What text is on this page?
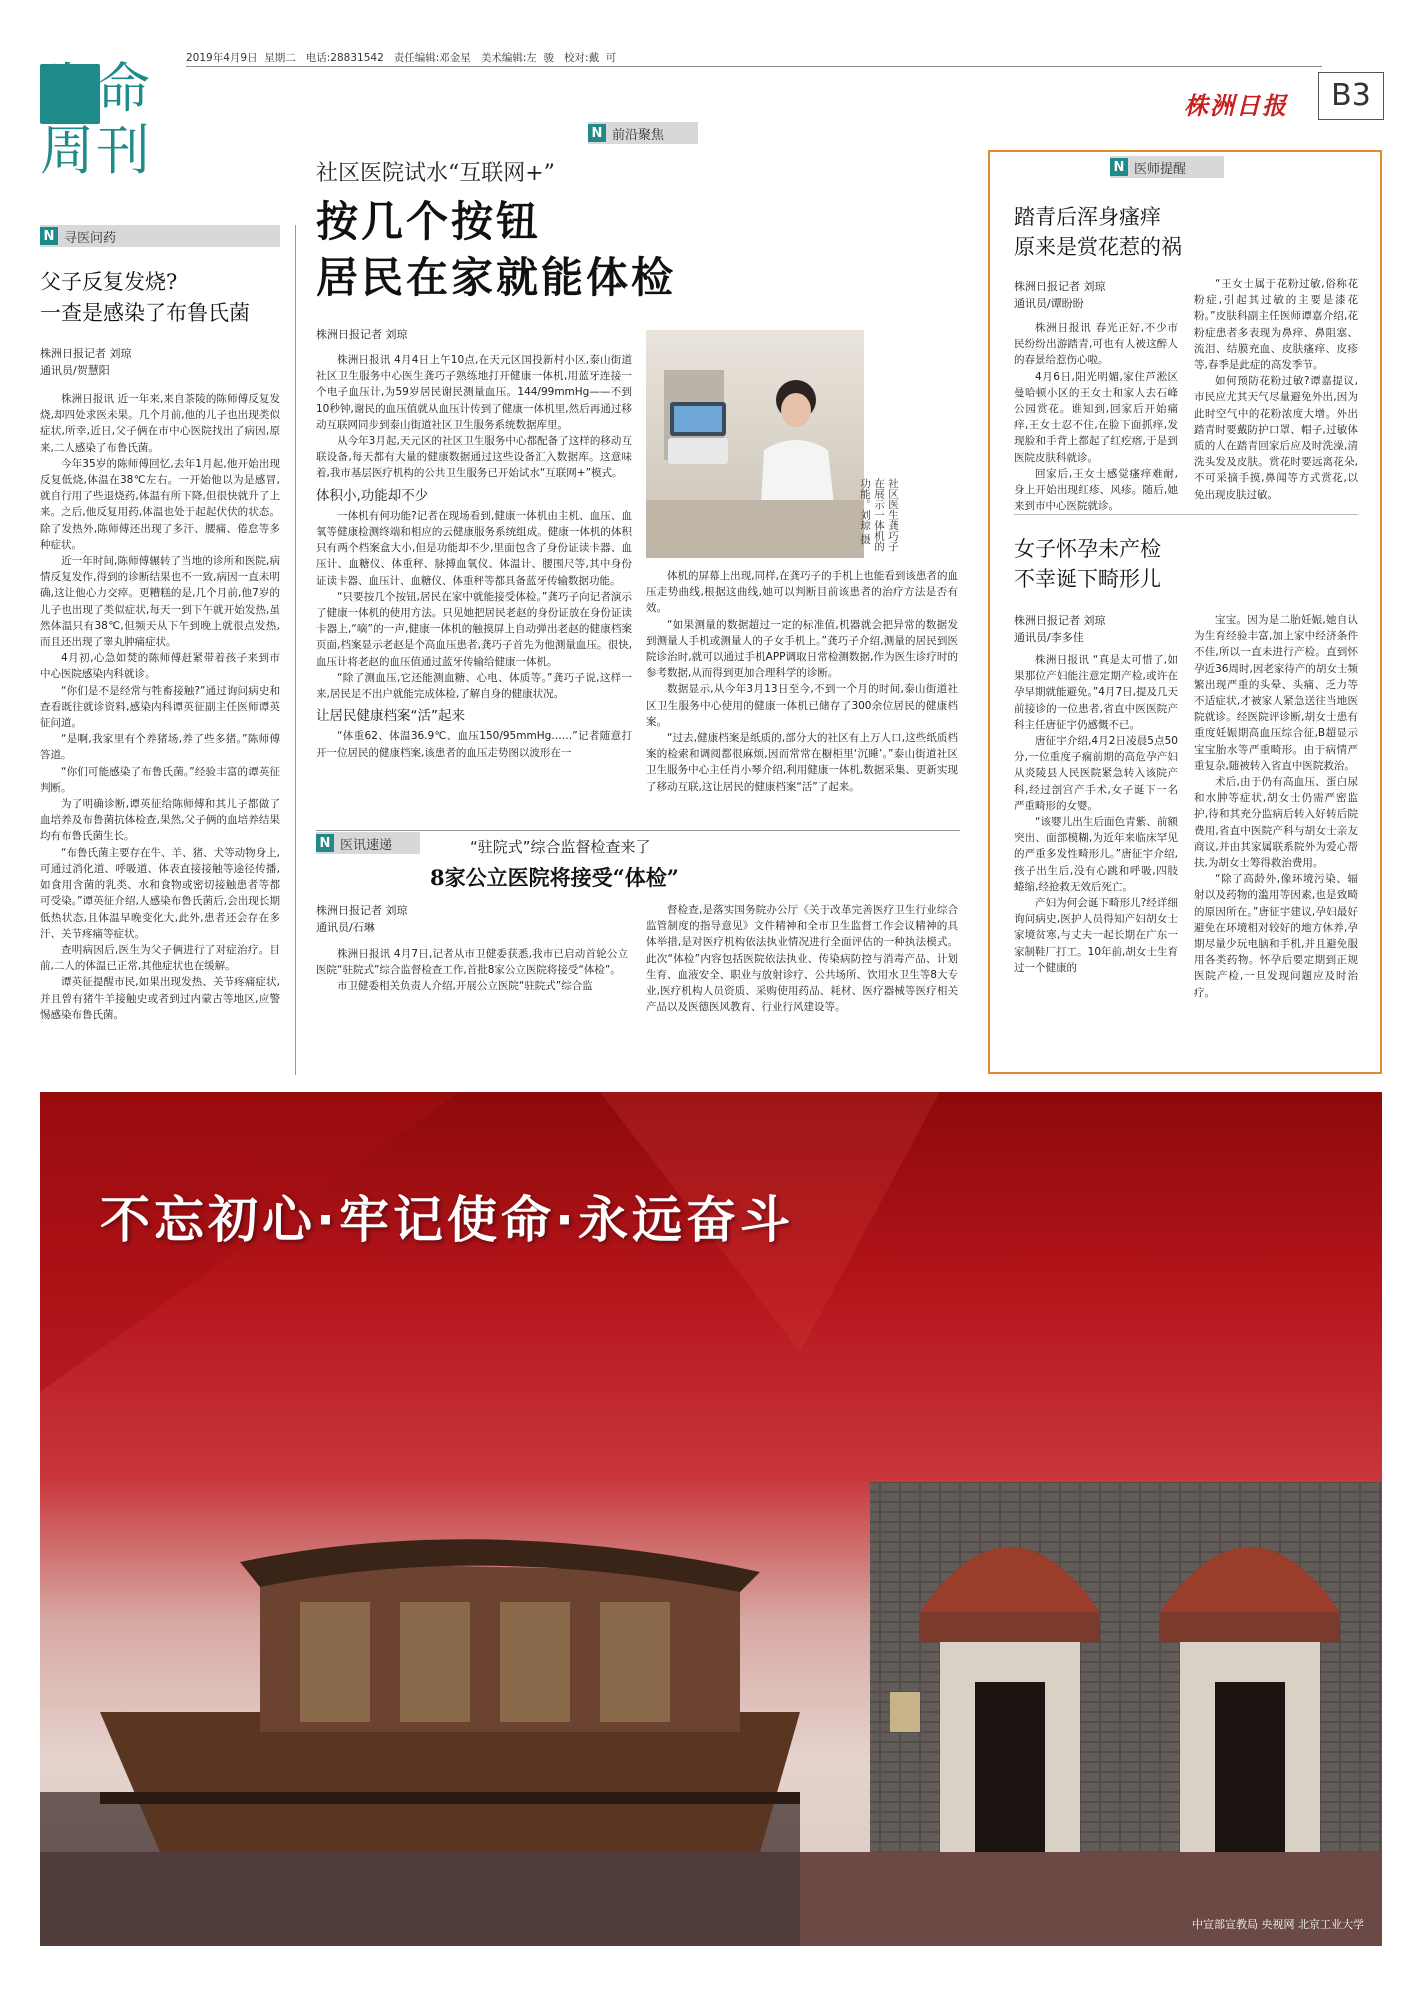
生命周刊
2019年4月9日  星期二   电话:28831542   责任编辑:邓金星   美术编辑:左  骏   校对:戴  可
株洲日报	B3
N 寻医问药
父子反复发烧?
一查是感染了布鲁氏菌
株洲日报记者 刘琼
通讯员/贺慧阳

株洲日报讯 近一年来,来自茶陵的陈师傅反复发烧,却四处求医未果。几个月前,他的儿子也出现类似症状,所幸,近日,父子俩在市中心医院找出了病因,原来,二人感染了布鲁氏菌。

今年35岁的陈师傅回忆,去年1月起,他开始出现反复低烧,体温在38℃左右。一开始他以为是感冒,就自行用了些退烧药,体温有所下降,但很快就升了上来。之后,他反复用药,体温也处于起起伏伏的状态。除了发热外,陈师傅还出现了多汗、腰痛、倦怠等多种症状。

近一年时间,陈师傅辗转了当地的诊所和医院,病情反复发作,得到的诊断结果也不一致,病因一直未明确,这让他心力交瘁。更糟糕的是,几个月前,他7岁的儿子也出现了类似症状,每天一到下午就开始发热,虽然体温只有38℃,但频天从下午到晚上就很点发热,而且还出现了睾丸肿痛症状。

4月初,心急如焚的陈师傅赶紧带着孩子来到市中心医院感染内科就诊。

“你们是不是经常与牲畜接触?”通过询问病史和查看既往就诊资料,感染内科谭英征副主任医师谭英征问道。

“是啊,我家里有个养猪场,养了些多猪。”陈师傅答道。

“你们可能感染了布鲁氏菌。”经验丰富的谭英征判断。

为了明确诊断,谭英征给陈师傅和其儿子都做了血培养及布鲁菌抗体检查,果然,父子俩的血培养结果均有布鲁氏菌生长。

“布鲁氏菌主要存在牛、羊、猪、犬等动物身上,可通过消化道、呼吸道、体表直接接触等途径传播,如食用含菌的乳类、水和食物或密切接触患者等都可受染。”谭英征介绍,人感染布鲁氏菌后,会出现长期低热状态,且体温早晚变化大,此外,患者还会存在多汗、关节疼痛等症状。

查明病因后,医生为父子俩进行了对症治疗。目前,二人的体温已正常,其他症状也在缓解。

谭英征提醒市民,如果出现发热、关节疼痛症状,并且曾有猪牛羊接触史或者到过内蒙古等地区,应警惕感染布鲁氏菌。

N 前沿聚焦
社区医院试水“互联网+”
按几个按钮
居民在家就能体检
株洲日报记者 刘琼

株洲日报讯 4月4日上午10点,在天元区国投新村小区,泰山街道社区卫生服务中心医生龚巧子熟练地打开健康一体机,用蓝牙连接一个电子血压计,为59岁居民谢民测量血压。144/99mmHg——不到10秒钟,谢民的血压值就从血压计传到了健康一体机里,然后再通过移动互联网同步到泰山街道社区卫生服务系统数据库里。

从今年3月起,天元区的社区卫生服务中心都配备了这样的移动互联设备,每天都有大量的健康数据通过这些设备汇入数据库。这意味着,我市基层医疗机构的公共卫生服务已开始试水“互联网+”模式。

体积小,功能却不少

一体机有何功能?记者在现场看到,健康一体机由主机、血压、血氧等健康检测终端和相应的云健康服务系统组成。健康一体机的体积只有两个档案盒大小,但是功能却不少,里面包含了身份证读卡器、血压计、血糖仪、体重秤、脉搏血氧仪、体温计、腰围尺等,其中身份证读卡器、血压计、血糖仪、体重秤等都具备蓝牙传输数据功能。

“只要按几个按钮,居民在家中就能接受体检。”龚巧子向记者演示了健康一体机的使用方法。只见她把居民老赵的身份证放在身份证读卡器上,“嘀”的一声,健康一体机的触摸屏上自动弹出老赵的健康档案页面,档案显示老赵是个高血压患者,龚巧子首先为他测量血压。很快,血压计将老赵的血压值通过蓝牙传输给健康一体机。

“除了测血压,它还能测血糖、心电、体质等。”龚巧子说,这样一来,居民足不出户就能完成体检,了解自身的健康状况。

让居民健康档案“活”起来

“体重62、体温36.9℃、血压150/95mmHg……”记者随意打开一位居民的健康档案,该患者的血压走势图以波形在一

社区医生龚巧子在展示一体机的功能。刘琼 摄

体机的屏幕上出现,同样,在龚巧子的手机上也能看到该患者的血压走势曲线,根据这曲线,她可以判断目前该患者的治疗方法是否有效。

“如果测量的数据超过一定的标准值,机器就会把异常的数据发到测量人手机或测量人的子女手机上。”龚巧子介绍,测量的居民到医院诊治时,就可以通过手机APP调取日常检测数据,作为医生诊疗时的参考数据,从而得到更加合理科学的诊断。

数据显示,从今年3月13日至今,不到一个月的时间,泰山街道社区卫生服务中心使用的健康一体机已储存了300余位居民的健康档案。

“过去,健康档案是纸质的,部分大的社区有上万人口,这些纸质档案的检索和调阅都很麻烦,因而常常在橱柜里‘沉睡’。”泰山街道社区卫生服务中心主任肖小琴介绍,利用健康一体机,数据采集、更新实现了移动互联,这让居民的健康档案“活”了起来。

N 医讯速递	“驻院式”综合监督检查来了
8家公立医院将接受“体检”
株洲日报记者 刘琼
通讯员/石琳

株洲日报讯 4月7日,记者从市卫健委获悉,我市已启动首轮公立医院“驻院式”综合监督检查工作,首批8家公立医院将接受“体检”。

市卫健委相关负责人介绍,开展公立医院“驻院式”综合监

督检查,是落实国务院办公厅《关于改革完善医疗卫生行业综合监管制度的指导意见》文件精神和全市卫生监督工作会议精神的具体举措,是对医疗机构依法执业情况进行全面评估的一种执法模式。此次“体检”内容包括医院依法执业、传染病防控与消毒产品、计划生育、血液安全、职业与放射诊疗、公共场所、饮用水卫生等8大专业,医疗机构人员资质、采购使用药品、耗材、医疗器械等医疗相关产品以及医德医风教育、行业行风建设等。

N 医师提醒
踏青后浑身瘙痒
原来是赏花惹的祸
株洲日报记者 刘琼
通讯员/谭盼盼

株洲日报讯 春光正好,不少市民纷纷出游踏青,可也有人被这醉人的春景给惹伤心啦。

4月6日,阳光明媚,家住芦淞区曼哈顿小区的王女士和家人去石峰公园赏花。谁知到,回家后开始痛痒,王女士忍不住,在脸下面抓痒,发现脸和手背上都起了红疙瘩,于是到医院皮肤科就诊。

回家后,王女士感觉瘙痒难耐,身上开始出现红疹、风疹。随后,她来到市中心医院就诊。

“王女士属于花粉过敏,俗称花粉症,引起其过敏的主要是漆花粉。”皮肤科副主任医师谭嘉介绍,花粉症患者多表现为鼻痒、鼻阻塞、流泪、结膜充血、皮肤瘙痒、皮疹等,春季是此症的高发季节。

如何预防花粉过敏?谭嘉提议,市民应尤其天气尽量避免外出,因为此时空气中的花粉浓度大增。外出踏青时要戴防护口罩、帽子,过敏体质的人在踏青回家后应及时洗澡,清洗头发及皮肤。赏花时要远离花朵,不可采摘手摸,鼻闻等方式赏花,以免出现皮肤过敏。

女子怀孕未产检
不幸诞下畸形儿
株洲日报记者 刘琼
通讯员/李多佳

株洲日报讯 “真是太可惜了,如果那位产妇能注意定期产检,或许在孕早期就能避免。”4月7日,提及几天前接诊的一位患者,省直中医医院产科主任唐征宇仍感慨不已。

唐征宇介绍,4月2日凌晨5点50分,一位重度子痫前期的高危孕产妇从炎陵县人民医院紧急转入该院产科,经过剖宫产手术,女子诞下一名严重畸形的女婴。

“该婴儿出生后面色青紫、前额突出、面部模糊,为近年来临床罕见的严重多发性畸形儿。”唐征宇介绍,孩子出生后,没有心跳和呼吸,四肢蜷缩,经抢救无效后死亡。

产妇为何会诞下畸形儿?经详细询问病史,医护人员得知产妇胡女士家境贫寒,与丈夫一起长期在广东一家制鞋厂打工。10年前,胡女士生育过一个健康的

宝宝。因为是二胎妊娠,她自认为生育经验丰富,加上家中经济条件不佳,所以一直未进行产检。直到怀孕近36周时,因老家待产的胡女士频繁出现严重的头晕、头痛、乏力等不适症状,才被家人紧急送往当地医院就诊。经医院评诊断,胡女士患有重度妊娠期高血压综合征,B超显示宝宝胎水等严重畸形。由于病情严重复杂,随被转入省直中医院救治。

术后,由于仍有高血压、蛋白尿和水肿等症状,胡女士仍需严密监护,待和其充分监病后转入好转后院费用,省直中医院产科与胡女士亲友商议,并由其家属联系院外为爱心帮扶,为胡女士筹得救治费用。

“除了高龄外,像环境污染、辐射以及药物的滥用等因素,也是致畸的原因所在。”唐征宇建议,孕妇最好避免在环境相对较好的地方休养,孕期尽量少玩电脑和手机,并且避免服用各类药物。怀孕后要定期到正规医院产检,一旦发现问题应及时治疗。

不忘初心·牢记使命·永远奋斗
中宣部宣教局 央视网 北京工业大学
